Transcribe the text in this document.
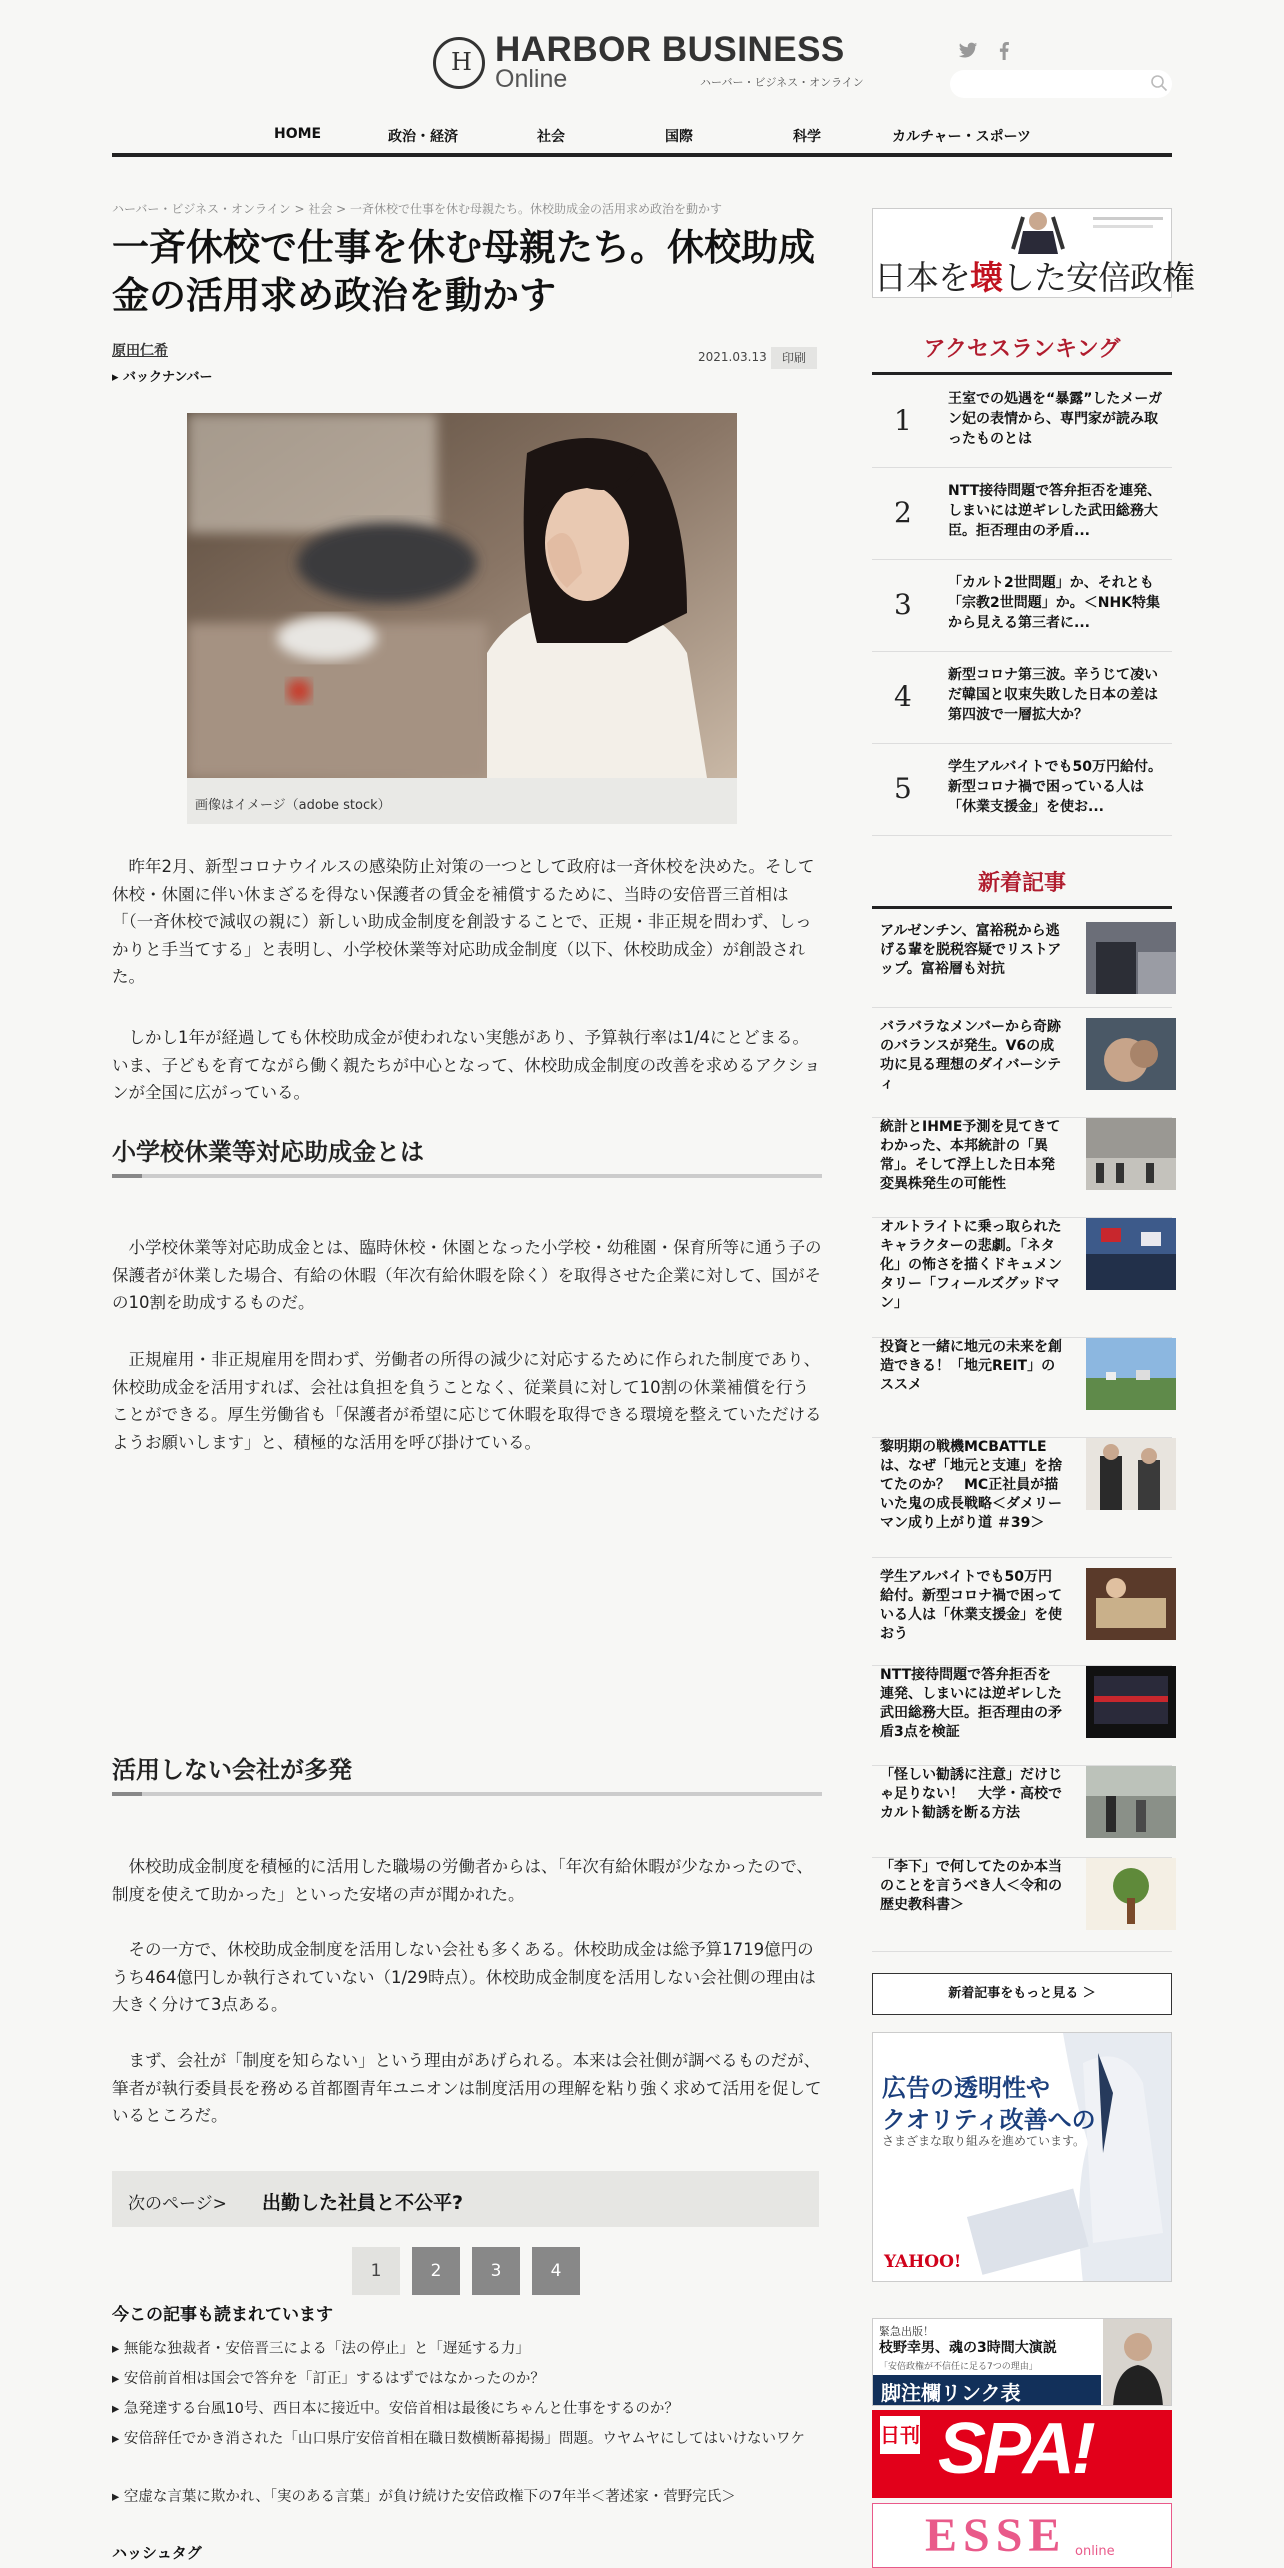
H HARBOR BUSINESS
Online	ハーバー・ビジネス・オンライン
HOME	政治・経済	社会	国際	科学	カルチャー・スポーツ
ハーバー・ビジネス・オンライン > 社会 > 一斉休校で仕事を休む母親たち。休校助成金の活用求め政治を動かす
一斉休校で仕事を休む母親たち。休校助成金の活用求め政治を動かす
原田仁希
▸ バックナンバー
2021.03.13	印刷
画像はイメージ（adobe stock）

　昨年2月、新型コロナウイルスの感染防止対策の一つとして政府は一斉休校を決めた。そして休校・休園に伴い休まざるを得ない保護者の賃金を補償するために、当時の安倍晋三首相は「（一斉休校で減収の親に）新しい助成金制度を創設することで、正規・非正規を問わず、しっかりと手当てする」と表明し、小学校休業等対応助成金制度（以下、休校助成金）が創設された。

　しかし1年が経過しても休校助成金が使われない実態があり、予算執行率は1/4にとどまる。いま、子どもを育てながら働く親たちが中心となって、休校助成金制度の改善を求めるアクションが全国に広がっている。

小学校休業等対応助成金とは

　小学校休業等対応助成金とは、臨時休校・休園となった小学校・幼稚園・保育所等に通う子の保護者が休業した場合、有給の休暇（年次有給休暇を除く）を取得させた企業に対して、国がその10割を助成するものだ。

　正規雇用・非正規雇用を問わず、労働者の所得の減少に対応するために作られた制度であり、休校助成金を活用すれば、会社は負担を負うことなく、従業員に対して10割の休業補償を行うことができる。厚生労働省も「保護者が希望に応じて休暇を取得できる環境を整えていただけるようお願いします」と、積極的な活用を呼び掛けている。

活用しない会社が多発

　休校助成金制度を積極的に活用した職場の労働者からは、「年次有給休暇が少なかったので、制度を使えて助かった」といった安堵の声が聞かれた。

　その一方で、休校助成金制度を活用しない会社も多くある。休校助成金は総予算1719億円のうち464億円しか執行されていない（1/29時点）。休校助成金制度を活用しない会社側の理由は大きく分けて3点ある。

　まず、会社が「制度を知らない」という理由があげられる。本来は会社側が調べるものだが、筆者が執行委員長を務める首都圏青年ユニオンは制度活用の理解を粘り強く求めて活用を促しているところだ。

次のページ> 出勤した社員と不公平?
1	2	3	4
今この記事も読まれています
▸ 無能な独裁者・安倍晋三による「法の停止」と「遅延する力」
▸ 安倍前首相は国会で答弁を「訂正」するはずではなかったのか？
▸ 急発達する台風10号、西日本に接近中。安倍首相は最後にちゃんと仕事をするのか？
▸ 安倍辞任でかき消された「山口県庁安倍首相在職日数横断幕掲揚」問題。ウヤムヤにしてはいけないワケ
▸ 空虚な言葉に欺かれ、「実のある言葉」が負け続けた安倍政権下の7年半＜著述家・菅野完氏＞
ハッシュタグ
日本を壊した安倍政権
アクセスランキング
1
王室での処遇を“暴露”したメーガン妃の表情から、専門家が読み取ったものとは
2
NTT接待問題で答弁拒否を連発、しまいには逆ギレした武田総務大臣。拒否理由の矛盾...
3
「カルト2世問題」か、それとも「宗教2世問題」か。＜NHK特集から見える第三者に...
4
新型コロナ第三波。辛うじて凌いだ韓国と収束失敗した日本の差は第四波で一層拡大か？
5
学生アルバイトでも50万円給付。新型コロナ禍で困っている人は「休業支援金」を使お...
新着記事
アルゼンチン、富裕税から逃げる輩を脱税容疑でリストアップ。富裕層も対抗
バラバラなメンバーから奇跡のバランスが発生。V6の成功に見る理想のダイバーシティ
統計とIHME予測を見てきてわかった、本邦統計の「異常」。そして浮上した日本発変異株発生の可能性
オルトライトに乗っ取られたキャラクターの悲劇。「ネタ化」の怖さを描くドキュメンタリー「フィールズグッドマン」
投資と一緒に地元の未来を創造できる！「地元REIT」のススメ
黎明期の戦機MCBATTLEは、なぜ「地元と支連」を捨てたのか？　MC正社員が描いた鬼の成長戦略＜ダメリーマン成り上がり道 ＃39＞
学生アルバイトでも50万円給付。新型コロナ禍で困っている人は「休業支援金」を使おう
NTT接待問題で答弁拒否を連発、しまいには逆ギレした武田総務大臣。拒否理由の矛盾3点を検証
「怪しい勧誘に注意」だけじゃ足りない！　大学・高校でカルト勧誘を断る方法
「李下」で何してたのか本当のことを言うべき人＜令和の歴史教科書＞
新着記事をもっと見る ＞
広告の透明性や
クオリティ改善への
さまざまな取り組みを進めています。
YAHOO!
緊急出版！
枝野幸男、魂の3時間大演説
「安倍政権が不信任に足る7つの理由」
脚注欄リンク表
日刊 SPA!
ESSE online
